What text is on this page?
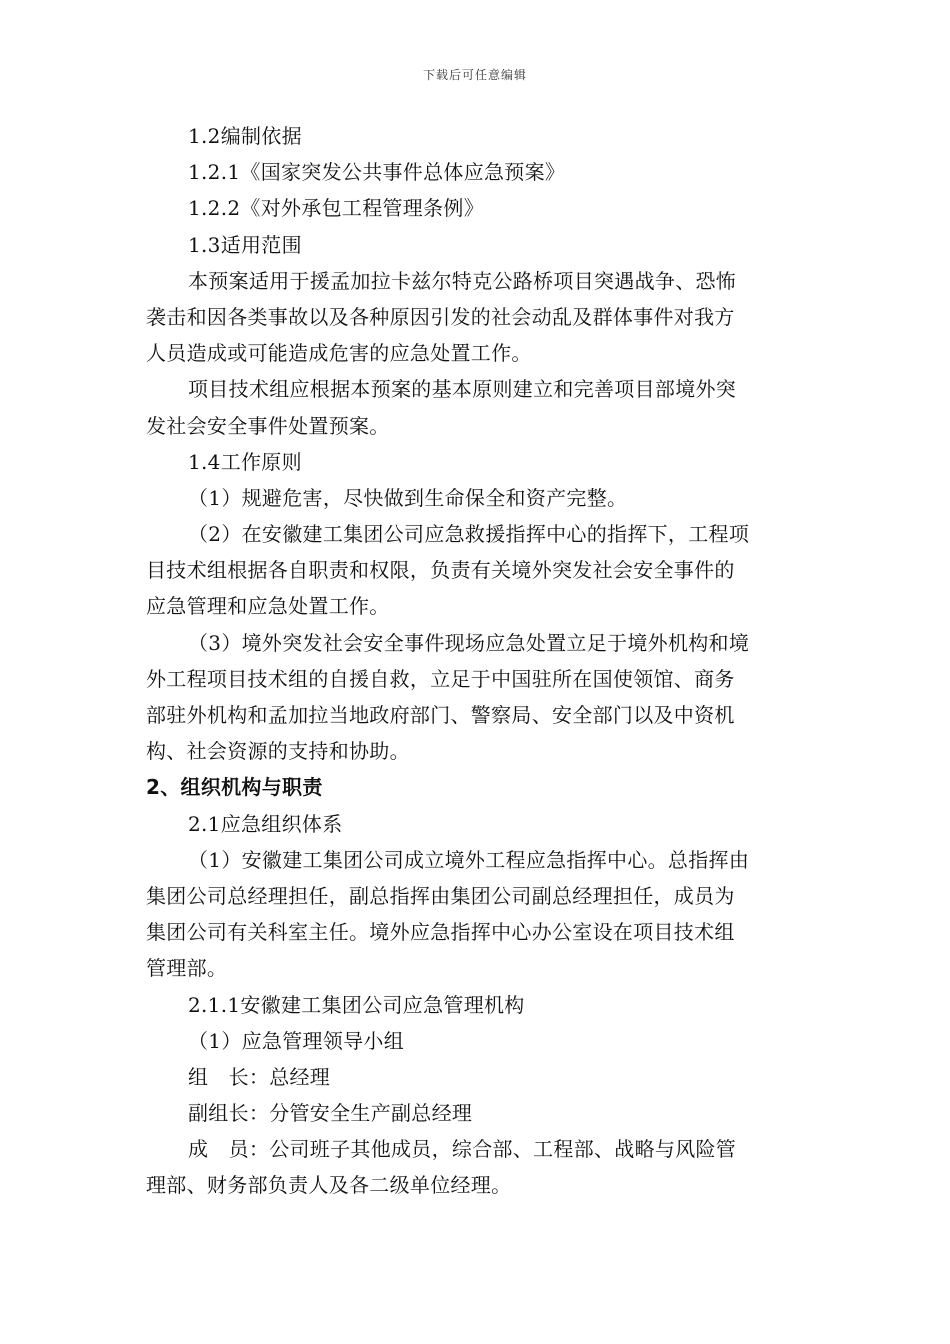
下载后可任意编辑
1.2编制依据
1.2.1《国家突发公共事件总体应急预案》
1.2.2《对外承包工程管理条例》
1.3适用范围
本预案适用于援孟加拉卡兹尔特克公路桥项目突遇战争、恐怖
袭击和因各类事故以及各种原因引发的社会动乱及群体事件对我方
人员造成或可能造成危害的应急处置工作。
项目技术组应根据本预案的基本原则建立和完善项目部境外突
发社会安全事件处置预案。
1.4工作原则
（1）规避危害，尽快做到生命保全和资产完整。
（2）在安徽建工集团公司应急救援指挥中心的指挥下，工程项
目技术组根据各自职责和权限，负责有关境外突发社会安全事件的
应急管理和应急处置工作。
（3）境外突发社会安全事件现场应急处置立足于境外机构和境
外工程项目技术组的自援自救，立足于中国驻所在国使领馆、商务
部驻外机构和孟加拉当地政府部门、警察局、安全部门以及中资机
构、社会资源的支持和协助。
2、组织机构与职责
2.1应急组织体系
（1）安徽建工集团公司成立境外工程应急指挥中心。总指挥由
集团公司总经理担任，副总指挥由集团公司副总经理担任，成员为
集团公司有关科室主任。境外应急指挥中心办公室设在项目技术组
管理部。
2.1.1安徽建工集团公司应急管理机构
（1）应急管理领导小组
组　长：总经理
副组长：分管安全生产副总经理
成　员：公司班子其他成员，综合部、工程部、战略与风险管
理部、财务部负责人及各二级单位经理。
